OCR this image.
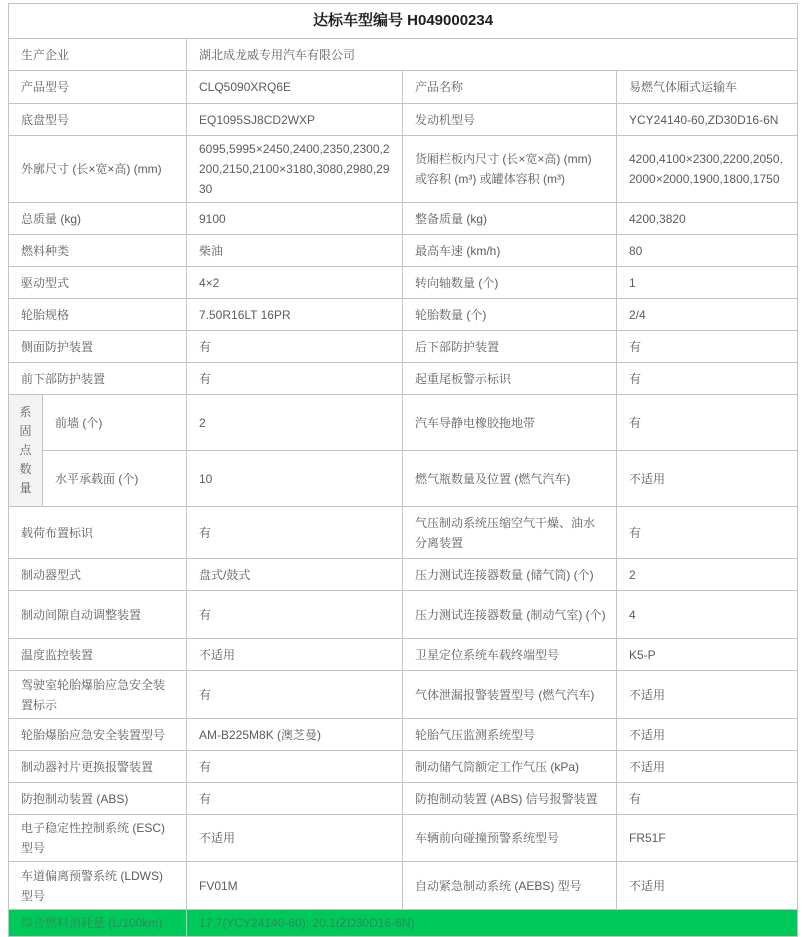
达标车型编号 H049000234				
生产企业		湖北成龙威专用汽车有限公司		
产品型号		CLQ5090XRQ6E	产品名称	易燃气体厢式运输车
底盘型号		EQ1095SJ8CD2WXP	发动机型号	YCY24140-60,ZD30D16-6N
外廓尺寸 (长×宽×高) (mm)		6095,5995×2450,2400,2350,2300,2200,2150,2100×3180,3080,2980,2930	货厢栏板内尺寸 (长×宽×高) (mm) 或容积 (m³) 或罐体容积 (m³)	4200,4100×2300,2200,2050,2000×2000,1900,1800,1750
总质量 (kg)		9100	整备质量 (kg)	4200,3820
燃料种类		柴油	最高车速 (km/h)	80
驱动型式		4×2	转向轴数量 (个)	1
轮胎规格		7.50R16LT 16PR	轮胎数量 (个)	2/4
侧面防护装置		有	后下部防护装置	有
前下部防护装置		有	起重尾板警示标识	有
系固点数量	前墙 (个)	2	汽车导静电橡胶拖地带	有
	水平承载面 (个)	10	燃气瓶数量及位置 (燃气汽车)	不适用
载荷布置标识		有	气压制动系统压缩空气干燥、油水分离装置	有
制动器型式		盘式/鼓式	压力测试连接器数量 (储气筒) (个)	2
制动间隙自动调整装置		有	压力测试连接器数量 (制动气室) (个)	4
温度监控装置		不适用	卫星定位系统车载终端型号	K5-P
驾驶室轮胎爆胎应急安全装置标示		有	气体泄漏报警装置型号 (燃气汽车)	不适用
轮胎爆胎应急安全装置型号		AM-B225M8K (澳芝曼)	轮胎气压监测系统型号	不适用
制动器衬片更换报警装置		有	制动储气筒额定工作气压 (kPa)	不适用
防抱制动装置 (ABS)		有	防抱制动装置 (ABS) 信号报警装置	有
电子稳定性控制系统 (ESC) 型号		不适用	车辆前向碰撞预警系统型号	FR51F
车道偏离预警系统 (LDWS) 型号		FV01M	自动紧急制动系统 (AEBS) 型号	不适用
综合燃料消耗量 (L/100km)		17.7(YCY24140-60); 20.1(ZD30D16-6N)		
